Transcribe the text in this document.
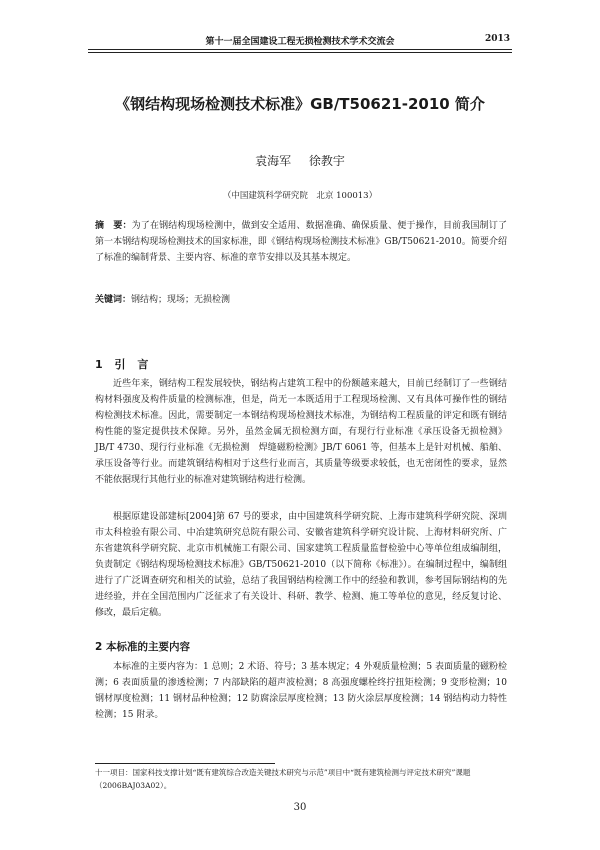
第十一届全国建设工程无损检测技术学术交流会	2013
《钢结构现场检测技术标准》GB/T50621-2010 简介
袁海军 徐教宇
（中国建筑科学研究院　北京 100013）
摘　要：为了在钢结构现场检测中，做到安全适用、数据准确、确保质量、便于操作，目前我国制订了第一本钢结构现场检测技术的国家标准，即《钢结构现场检测技术标准》GB/T50621-2010。简要介绍了标准的编制背景、主要内容、标准的章节安排以及其基本规定。
关键词：钢结构；现场；无损检测
1 引 言
近些年来，钢结构工程发展较快，钢结构占建筑工程中的份额越来越大，目前已经制订了一些钢结构材料强度及构件质量的检测标准，但是，尚无一本既适用于工程现场检测、又有具体可操作性的钢结构检测技术标准。因此，需要制定一本钢结构现场检测技术标准，为钢结构工程质量的评定和既有钢结构性能的鉴定提供技术保障。另外，虽然金属无损检测方面，有现行行业标准《承压设备无损检测》JB/T 4730、现行行业标准《无损检测　焊缝磁粉检测》JB/T 6061 等，但基本上是针对机械、船舶、承压设备等行业。而建筑钢结构相对于这些行业而言，其质量等级要求较低，也无密闭性的要求，显然不能依据现行其他行业的标准对建筑钢结构进行检测。
根据原建设部建标[2004]第 67 号的要求，由中国建筑科学研究院、上海市建筑科学研究院、深圳市太科检验有限公司、中冶建筑研究总院有限公司、安徽省建筑科学研究设计院、上海材料研究所、广东省建筑科学研究院、北京市机械施工有限公司、国家建筑工程质量监督检验中心等单位组成编制组，负责制定《钢结构现场检测技术标准》GB/T50621-2010（以下简称《标准》）。在编制过程中，编制组进行了广泛调查研究和相关的试验，总结了我国钢结构检测工作中的经验和教训，参考国际钢结构的先进经验，并在全国范围内广泛征求了有关设计、科研、教学、检测、施工等单位的意见，经反复讨论、修改，最后定稿。
2 本标准的主要内容
本标准的主要内容为：1 总则；2 术语、符号；3 基本规定；4 外观质量检测；5 表面质量的磁粉检测；6 表面质量的渗透检测；7 内部缺陷的超声波检测；8 高强度螺栓终拧扭矩检测；9 变形检测；10 钢材厚度检测；11 钢材品种检测；12 防腐涂层厚度检测；13 防火涂层厚度检测；14 钢结构动力特性检测；15 附录。
十一项目：国家科技支撑计划“既有建筑综合改造关键技术研究与示范”项目中“既有建筑检测与评定技术研究”课题（2006BAJ03A02）。
30
